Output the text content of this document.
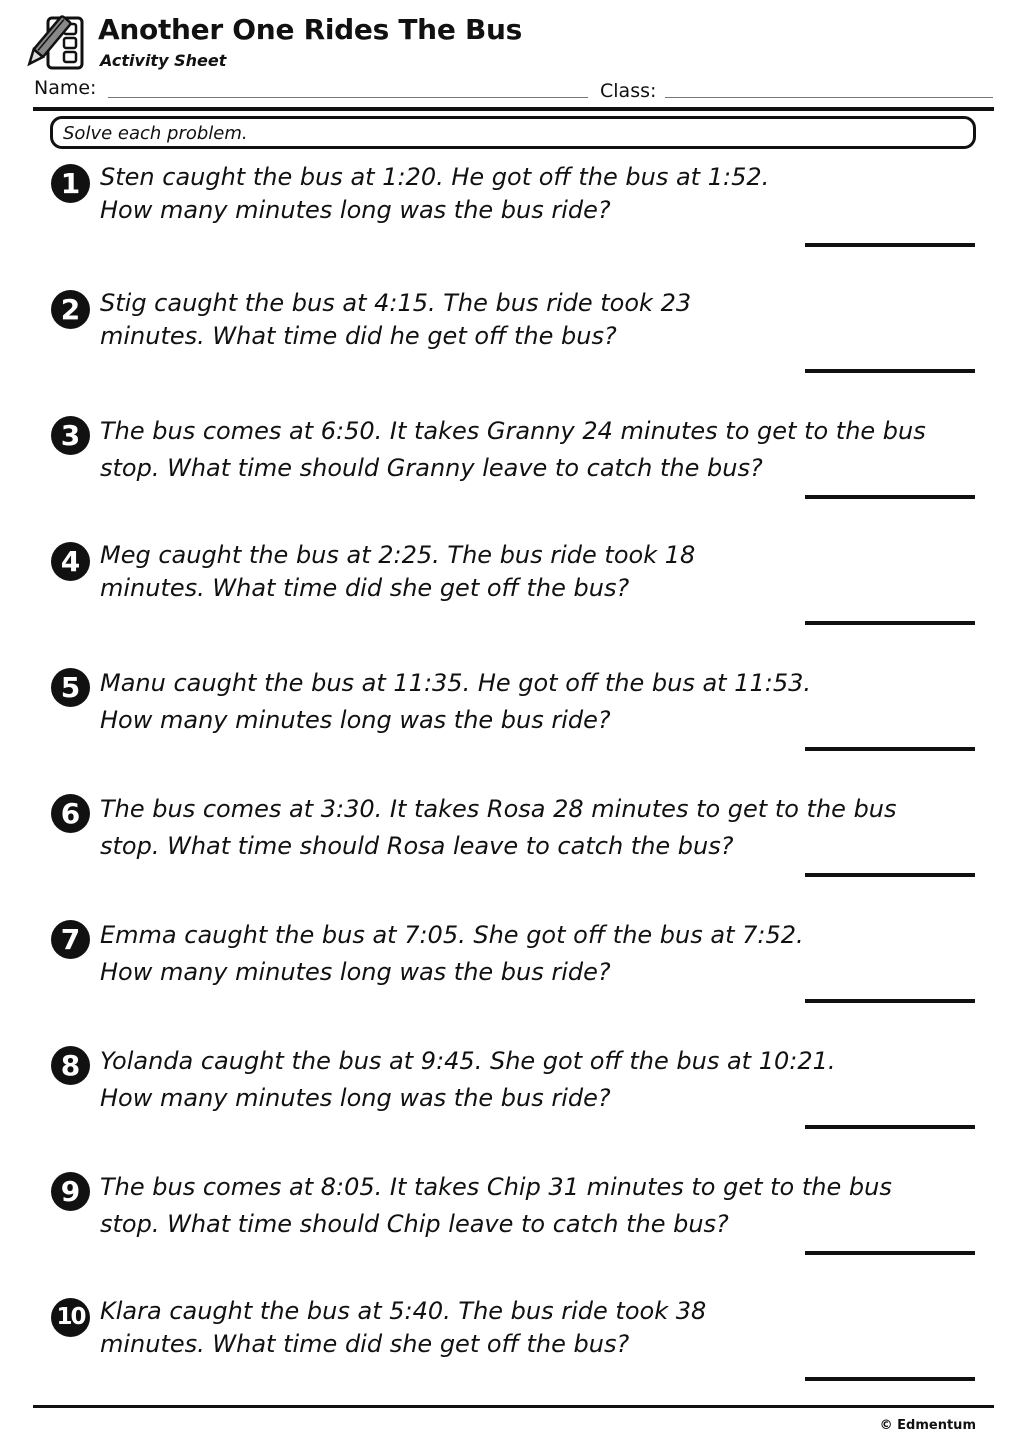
Another One Rides The Bus
Activity Sheet
Name:	Class:
Solve each problem.
1 Sten caught the bus at 1:20. He got off the bus at 1:52.
How many minutes long was the bus ride?
2 Stig caught the bus at 4:15. The bus ride took 23
minutes. What time did he get off the bus?
3 The bus comes at 6:50. It takes Granny 24 minutes to get to the bus
stop. What time should Granny leave to catch the bus?
4 Meg caught the bus at 2:25. The bus ride took 18
minutes. What time did she get off the bus?
5 Manu caught the bus at 11:35. He got off the bus at 11:53.
How many minutes long was the bus ride?
6 The bus comes at 3:30. It takes Rosa 28 minutes to get to the bus
stop. What time should Rosa leave to catch the bus?
7 Emma caught the bus at 7:05. She got off the bus at 7:52.
How many minutes long was the bus ride?
8 Yolanda caught the bus at 9:45. She got off the bus at 10:21.
How many minutes long was the bus ride?
9 The bus comes at 8:05. It takes Chip 31 minutes to get to the bus
stop. What time should Chip leave to catch the bus?
10 Klara caught the bus at 5:40. The bus ride took 38
minutes. What time did she get off the bus?
© Edmentum
